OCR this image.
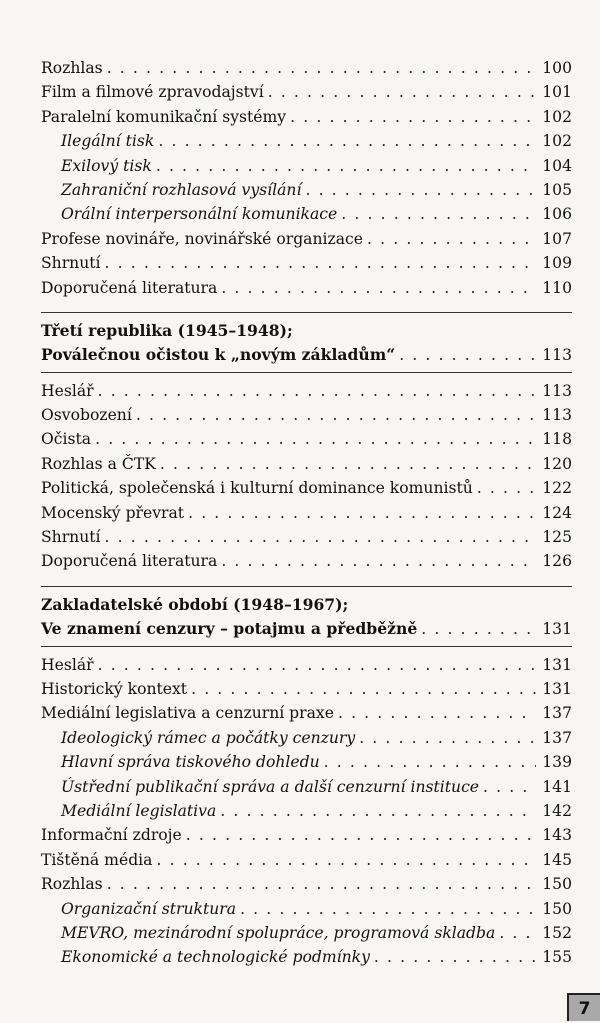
Rozhlas . . .	100
Film a filmové zpravodajství . . .	101
Paralelní komunikační systémy . . .	102
Ilegální tisk . . .	102
Exilový tisk . . .	104
Zahraniční rozhlasová vysílání . . .	105
Orální interpersonální komunikace . . .	106
Profese novináře, novinářské organizace . . .	107
Shrnutí . . .	109
Doporučená literatura . . .	110
Třetí republika (1945–1948);
Poválečnou očistou k „novým základům“ . . .	113
Heslář . . .	113
Osvobození . . .	113
Očista . . .	118
Rozhlas a ČTK . . .	120
Politická, společenská i kulturní dominance komunistů . . .	122
Mocenský převrat . . .	124
Shrnutí . . .	125
Doporučená literatura . . .	126
Zakladatelské období (1948–1967);
Ve znamení cenzury – potajmu a předběžně . . .	131
Heslář . . .	131
Historický kontext . . .	131
Mediální legislativa a cenzurní praxe . . .	137
Ideologický rámec a počátky cenzury . . .	137
Hlavní správa tiskového dohledu . . .	139
Ústřední publikační správa a další cenzurní instituce . . .	141
Mediální legislativa . . .	142
Informační zdroje . . .	143
Tištěná média . . .	145
Rozhlas . . .	150
Organizační struktura . . .	150
MEVRO, mezinárodní spolupráce, programová skladba . . .	152
Ekonomické a technologické podmínky . . .	155
7
